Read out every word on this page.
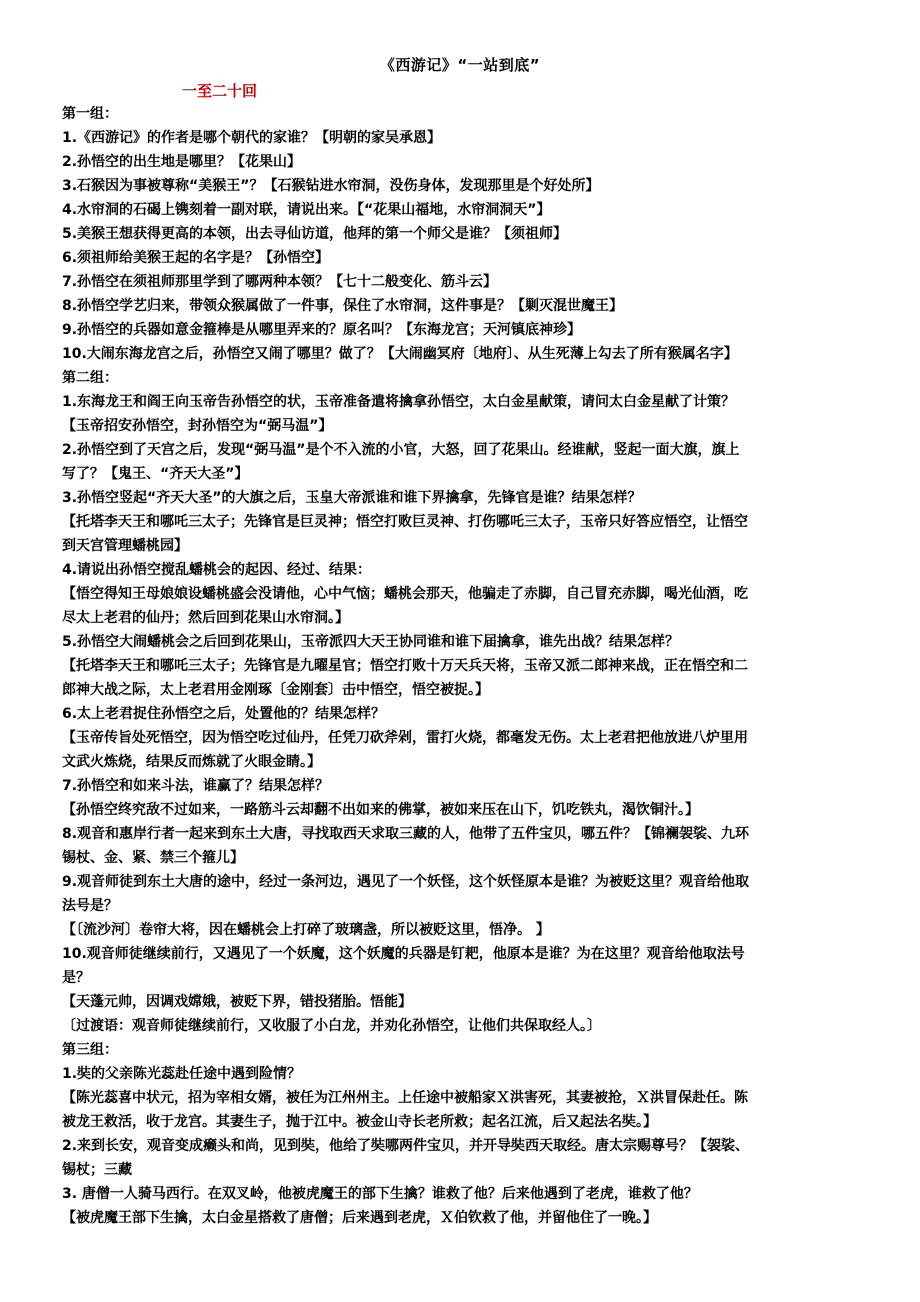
《西游记》“一站到底”
一至二十回

第一组：

1.《西游记》的作者是哪个朝代的家谁？【明朝的家吴承恩】

2.孙悟空的出生地是哪里？【花果山】

3.石猴因为事被尊称“美猴王”？【石猴钻进水帘洞，没伤身体，发现那里是个好处所】

4.水帘洞的石碣上镌刻着一副对联，请说出来。【“花果山福地，水帘洞洞天”】

5.美猴王想获得更高的本领，出去寻仙访道，他拜的第一个师父是谁？【须祖师】

6.须祖师给美猴王起的名字是？【孙悟空】

7.孙悟空在须祖师那里学到了哪两种本领？【七十二般变化、筋斗云】

8.孙悟空学艺归来，带领众猴属做了一件事，保住了水帘洞，这件事是？【剿灭混世魔王】

9.孙悟空的兵器如意金箍棒是从哪里弄来的？原名叫？【东海龙宫；天河镇底神珍】

10.大闹东海龙宫之后，孙悟空又闹了哪里？做了？【大闹幽冥府〔地府〕、从生死薄上勾去了所有猴属名字】

第二组：

1.东海龙王和阎王向玉帝告孙悟空的状，玉帝准备遣将擒拿孙悟空，太白金星献策，请问太白金星献了计策？

【玉帝招安孙悟空，封孙悟空为“弼马温”】

2.孙悟空到了天宫之后，发现“弼马温”是个不入流的小官，大怒，回了花果山。经谁献，竖起一面大旗，旗上

写了？【鬼王、“齐天大圣”】

3.孙悟空竖起“齐天大圣”的大旗之后，玉皇大帝派谁和谁下界擒拿，先锋官是谁？结果怎样？

【托塔李天王和哪吒三太子；先锋官是巨灵神；悟空打败巨灵神、打伤哪吒三太子，玉帝只好答应悟空，让悟空

到天宫管理蟠桃园】

4.请说出孙悟空搅乱蟠桃会的起因、经过、结果：

【悟空得知王母娘娘设蟠桃盛会没请他，心中气恼；蟠桃会那天，他骗走了赤脚，自己冒充赤脚，喝光仙酒，吃

尽太上老君的仙丹；然后回到花果山水帘洞。】

5.孙悟空大闹蟠桃会之后回到花果山，玉帝派四大天王协同谁和谁下届擒拿，谁先出战？结果怎样？

【托塔李天王和哪吒三太子；先锋官是九曜星官；悟空打败十万天兵天将，玉帝又派二郎神来战，正在悟空和二

郎神大战之际，太上老君用金刚琢〔金刚套〕击中悟空，悟空被捉。】

6.太上老君捉住孙悟空之后，处置他的？结果怎样？

【玉帝传旨处死悟空，因为悟空吃过仙丹，任凭刀砍斧剁，雷打火烧，都毫发无伤。太上老君把他放进八炉里用

文武火炼烧，结果反而炼就了火眼金睛。】

7.孙悟空和如来斗法，谁赢了？结果怎样？

【孙悟空终究敌不过如来，一路筋斗云却翻不出如来的佛掌，被如来压在山下，饥吃铁丸，渴饮铜汁。】

8.观音和惠岸行者一起来到东土大唐，寻找取西天求取三藏的人，他带了五件宝贝，哪五件？【锦襕袈裟、九环

锡杖、金、紧、禁三个箍儿】

9.观音师徒到东土大唐的途中，经过一条河边，遇见了一个妖怪，这个妖怪原本是谁？为被贬这里？观音给他取

法号是？

【〔流沙河〕卷帘大将，因在蟠桃会上打碎了玻璃盏，所以被贬这里，悟净。 】

10.观音师徒继续前行，又遇见了一个妖魔，这个妖魔的兵器是钉耙，他原本是谁？为在这里？观音给他取法号

是？

【天蓬元帅，因调戏嫦娥，被贬下界，错投猪胎。悟能】

〔过渡语：观音师徒继续前行，又收服了小白龙，并劝化孙悟空，让他们共保取经人。〕

第三组：

1.奘的父亲陈光蕊赴任途中遇到险情？

【陈光蕊喜中状元，招为宰相女婿，被任为江州州主。上任途中被船家Ｘ洪害死，其妻被抢，Ｘ洪冒保赴任。陈

被龙王救活，收于龙宫。其妻生子，抛于江中。被金山寺长老所救；起名江流，后又起法名奘。】

2.来到长安，观音变成癞头和尚，见到奘，他给了奘哪两件宝贝，并开导奘西天取经。唐太宗赐尊号？【袈裟、

锡杖；三藏

3. 唐僧一人骑马西行。在双叉岭，他被虎魔王的部下生擒？谁救了他？后来他遇到了老虎，谁救了他？

【被虎魔王部下生擒，太白金星搭救了唐僧；后来遇到老虎，Ｘ伯钦救了他，并留他住了一晚。】
